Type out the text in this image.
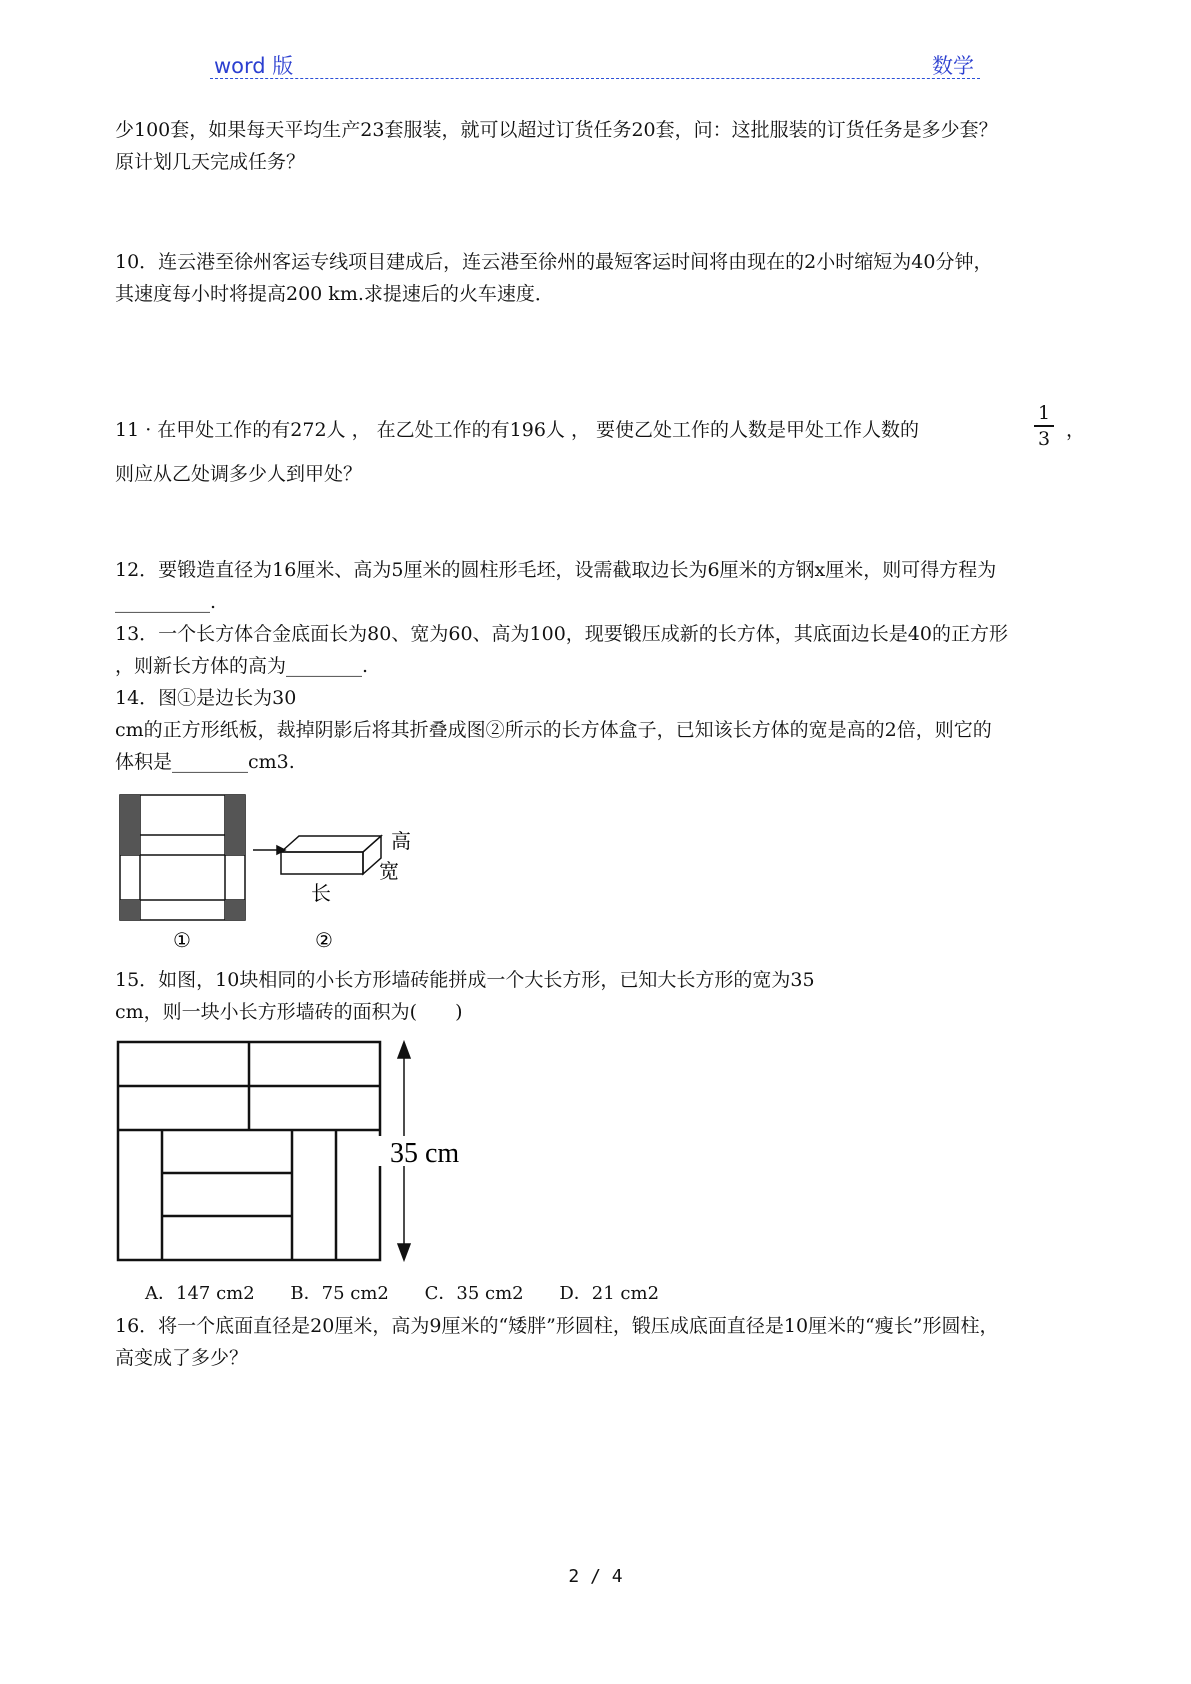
word 版	数学
少100套，如果每天平均生产23套服装，就可以超过订货任务20套，问：这批服装的订货任务是多少套？
原计划几天完成任务？
10．连云港至徐州客运专线项目建成后，连云港至徐州的最短客运时间将由现在的2小时缩短为40分钟，
其速度每小时将提高200 km.求提速后的火车速度．
11 · 在甲处工作的有272人 ， 在乙处工作的有196人 ， 要使乙处工作的人数是甲处工作人数的
1
3 ，
则应从乙处调多少人到甲处？
12．要锻造直径为16厘米、高为5厘米的圆柱形毛坯，设需截取边长为6厘米的方钢x厘米，则可得方程为
__________.
13．一个长方体合金底面长为80、宽为60、高为100，现要锻压成新的长方体，其底面边长是40的正方形
，则新长方体的高为________.
14．图①是边长为30
cm的正方形纸板，裁掉阴影后将其折叠成图②所示的长方体盒子，已知该长方体的宽是高的2倍，则它的
体积是________cm3.
高
宽
长
①	②
15．如图，10块相同的小长方形墙砖能拼成一个大长方形，已知大长方形的宽为35
cm，则一块小长方形墙砖的面积为(　　)
35 cm
A．147 cm2 B．75 cm2 C．35 cm2 D．21 cm2
16．将一个底面直径是20厘米，高为9厘米的“矮胖”形圆柱，锻压成底面直径是10厘米的“瘦长”形圆柱，
高变成了多少？
2 / 4
